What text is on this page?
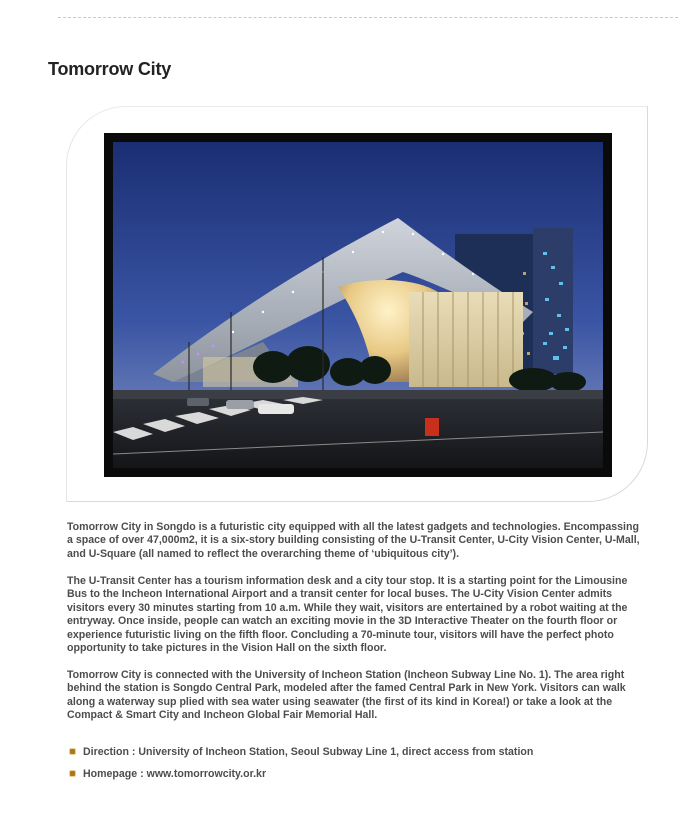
Tomorrow City

Tomorrow City in Songdo is a futuristic city equipped with all the latest gadgets and technologies. Encompassing a space of over 47,000m2, it is a six-story building consisting of the U-Transit Center, U-City Vision Center, U-Mall, and U-Square (all named to reflect the overarching theme of ‘ubiquitous city’).

The U-Transit Center has a tourism information desk and a city tour stop. It is a starting point for the Limousine Bus to the Incheon International Airport and a transit center for local buses. The U-City Vision Center admits visitors every 30 minutes starting from 10 a.m. While they wait, visitors are entertained by a robot waiting at the entryway. Once inside, people can watch an exciting movie in the 3D Interactive Theater on the fourth floor or experience futuristic living on the fifth floor. Concluding a 70-minute tour, visitors will have the perfect photo opportunity to take pictures in the Vision Hall on the sixth floor.

Tomorrow City is connected with the University of Incheon Station (Incheon Subway Line No. 1). The area right behind the station is Songdo Central Park, modeled after the famed Central Park in New York. Visitors can walk along a waterway sup plied with sea water using seawater (the first of its kind in Korea!) or take a look at the Compact & Smart City and Incheon Global Fair Memorial Hall.

Direction : University of Incheon Station, Seoul Subway Line 1, direct access from station
Homepage : www.tomorrowcity.or.kr
